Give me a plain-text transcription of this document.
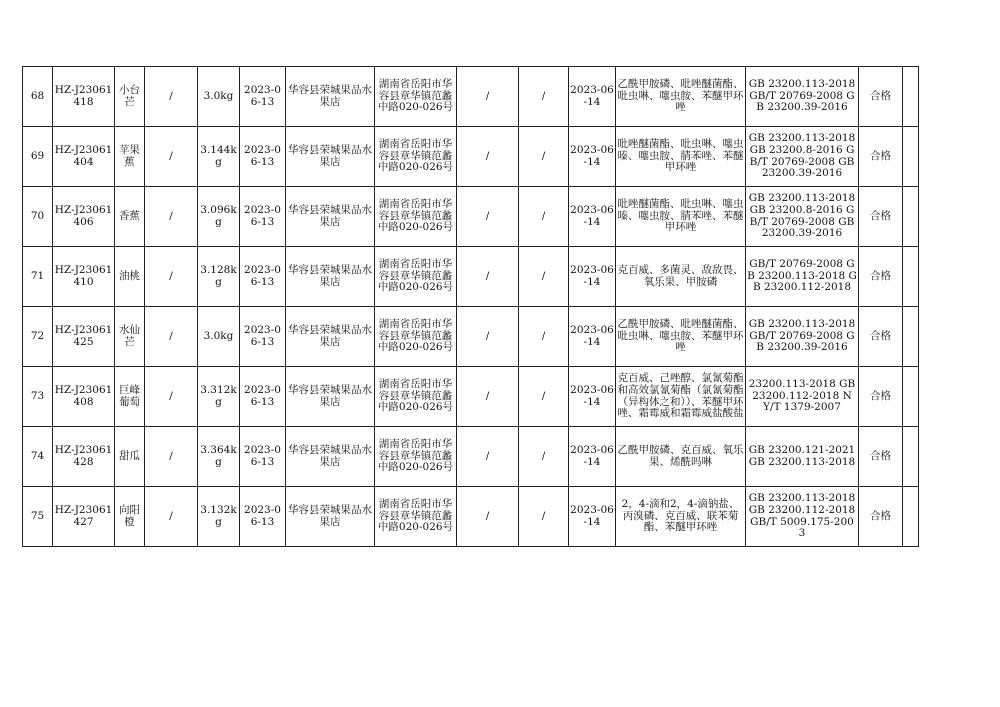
68	HZ-J23061418	小台芒	/	3.0kg	2023-06-13	华容县荣城果品水果店	湖南省岳阳市华容县章华镇范蠡中路020-026号	/	/	2023-06-14	乙酰甲胺磷、吡唑醚菌酯、吡虫啉、噻虫胺、苯醚甲环唑	GB 23200.113-2018 GB/T 20769-2008 GB 23200.39-2016	合格	
69	HZ-J23061404	苹果蕉	/	3.144kg	2023-06-13	华容县荣城果品水果店	湖南省岳阳市华容县章华镇范蠡中路020-026号	/	/	2023-06-14	吡唑醚菌酯、吡虫啉、噻虫嗪、噻虫胺、腈苯唑、苯醚甲环唑	GB 23200.113-2018 GB 23200.8-2016 GB/T 20769-2008 GB 23200.39-2016	合格	
70	HZ-J23061406	香蕉	/	3.096kg	2023-06-13	华容县荣城果品水果店	湖南省岳阳市华容县章华镇范蠡中路020-026号	/	/	2023-06-14	吡唑醚菌酯、吡虫啉、噻虫嗪、噻虫胺、腈苯唑、苯醚甲环唑	GB 23200.113-2018 GB 23200.8-2016 GB/T 20769-2008 GB 23200.39-2016	合格	
71	HZ-J23061410	油桃	/	3.128kg	2023-06-13	华容县荣城果品水果店	湖南省岳阳市华容县章华镇范蠡中路020-026号	/	/	2023-06-14	克百威、多菌灵、敌敌畏、氧乐果、甲胺磷	GB/T 20769-2008 GB 23200.113-2018 GB 23200.112-2018	合格	
72	HZ-J23061425	水仙芒	/	3.0kg	2023-06-13	华容县荣城果品水果店	湖南省岳阳市华容县章华镇范蠡中路020-026号	/	/	2023-06-14	乙酰甲胺磷、吡唑醚菌酯、吡虫啉、噻虫胺、苯醚甲环唑	GB 23200.113-2018 GB/T 20769-2008 GB 23200.39-2016	合格	
73	HZ-J23061408	巨峰葡萄	/	3.312kg	2023-06-13	华容县荣城果品水果店	湖南省岳阳市华容县章华镇范蠡中路020-026号	/	/	2023-06-14	克百威、己唑醇、氯氰菊酯和高效氯氰菊酯（氯氰菊酯（异构体之和））、苯醚甲环唑、霜霉威和霜霉威盐酸盐	23200.113-2018 GB 23200.112-2018 NY/T 1379-2007	合格	
74	HZ-J23061428	甜瓜	/	3.364kg	2023-06-13	华容县荣城果品水果店	湖南省岳阳市华容县章华镇范蠡中路020-026号	/	/	2023-06-14	乙酰甲胺磷、克百威、氧乐果、烯酰吗啉	GB 23200.121-2021 GB 23200.113-2018	合格	
75	HZ-J23061427	向阳橙	/	3.132kg	2023-06-13	华容县荣城果品水果店	湖南省岳阳市华容县章华镇范蠡中路020-026号	/	/	2023-06-14	2，4-滴和2，4-滴钠盐、丙溴磷、克百威、联苯菊酯、苯醚甲环唑	GB 23200.113-2018 GB 23200.112-2018 GB/T 5009.175-2003	合格	
